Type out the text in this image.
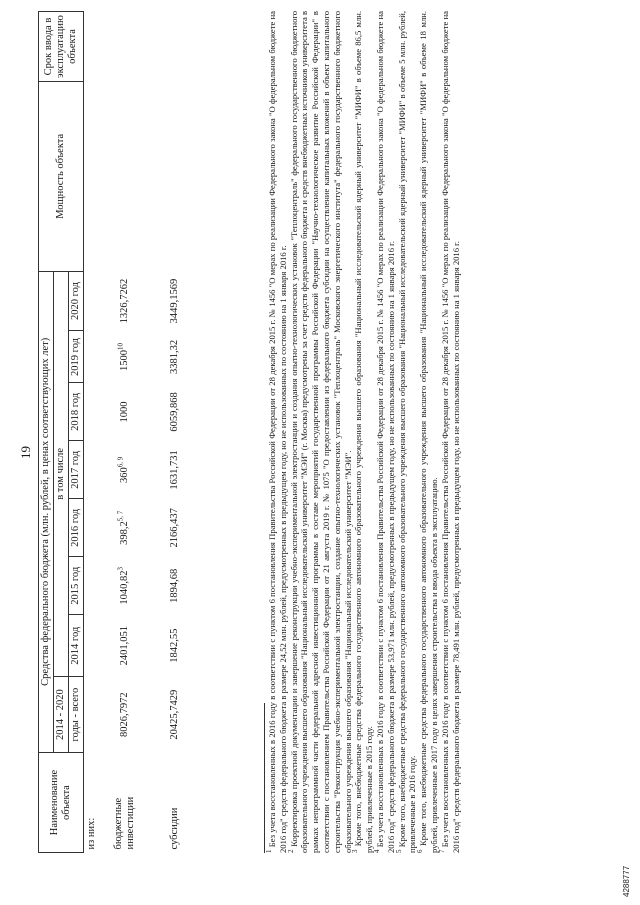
19
Наименование объекта	Средства федерального бюджета (млн. рублей, в ценах соответствующих лет)								Мощность объекта	Срок ввода в эксплуатацию объекта
	2014 - 2020	в том числе								
	годы - всего	2014 год	2015 год	2016 год	2017 год	2018 год	2019 год	2020 год		
из них:										
бюджетные инвестиции	8026,7972	2401,051	1040,82$^3$	398,2$^{5, 7}$	360$^{6, 9}$	1000	1500$^{10}$	1326,7262		
субсидии	20425,7429	1842,55	1894,68	2166,437	1631,731	6059,868	3381,32	3449,1569		

$^1$ Без учета восстановленных в 2016 году в соответствии с пунктом 6 постановления Правительства Российской Федерации от 28 декабря 2015 г. № 1456 "О мерах по реализации Федерального закона "О федеральном бюджете на 2016 год" средств федерального бюджета в размере 24,52 млн. рублей, предусмотренных в предыдущем году, но не использованных по состоянию на 1 января 2016 г.

$^2$ Корректировка проектной документации и завершение реконструкции учебно-экспериментальной электростанции и создания опытно-технологических установок "Теплоцентраль" федерального государственного бюджетного образовательного учреждения высшего образования "Национальный исследовательский университет "МЭИ" (г. Москва) предусмотрены за счет средств федерального бюджета и средств внебюджетных источников университета в рамках непрограммной части федеральной адресной инвестиционной программы в составе мероприятий государственной программы Российской Федерации "Научно-технологическое развитие Российской Федерации" в соответствии с постановлением Правительства Российской Федерации от 21 августа 2019 г. № 1075 "О предоставлении из федерального бюджета субсидии на осуществление капитальных вложений в объект капитального строительства "Реконструкция учебно-экспериментальной электростанции, создание опытно-технологических установок "Теплоцентраль" Московского энергетического института" федерального государственного бюджетного образовательного учреждения высшего образования "Национальный исследовательский университет "МЭИ".

$^3$ Кроме того, внебюджетные средства федерального государственного автономного образовательного учреждения высшего образования "Национальный исследовательский ядерный университет "МИФИ" в объеме 86,5 млн. рублей, привлеченные в 2015 году.

$^4$ Без учета восстановленных в 2016 году в соответствии с пунктом 6 постановления Правительства Российской Федерации от 28 декабря 2015 г. № 1456 "О мерах по реализации Федерального закона "О федеральном бюджете на 2016 год" средств федерального бюджета в размере 53,971 млн. рублей, предусмотренных в предыдущем году, но не использованных по состоянию на 1 января 2016 г.

$^5$ Кроме того, внебюджетные средства федерального государственного автономного образовательного учреждения высшего образования "Национальный исследовательский ядерный университет "МИФИ" в объеме 5 млн. рублей, привлеченные в 2016 году.

$^6$ Кроме того, внебюджетные средства федерального государственного автономного образовательного учреждения высшего образования "Национальный исследовательский ядерный университет "МИФИ" в объеме 18 млн. рублей, привлеченные в 2017 году в целях завершения строительства и ввода объекта в эксплуатацию.

$^7$ Без учета восстановленных в 2016 году в соответствии с пунктом 6 постановления Правительства Российской Федерации от 28 декабря 2015 г. № 1456 "О мерах по реализации Федерального закона "О федеральном бюджете на 2016 год" средств федерального бюджета в размере 78,491 млн. рублей, предусмотренных в предыдущем году, но не использованных по состоянию на 1 января 2016 г.

4288777
